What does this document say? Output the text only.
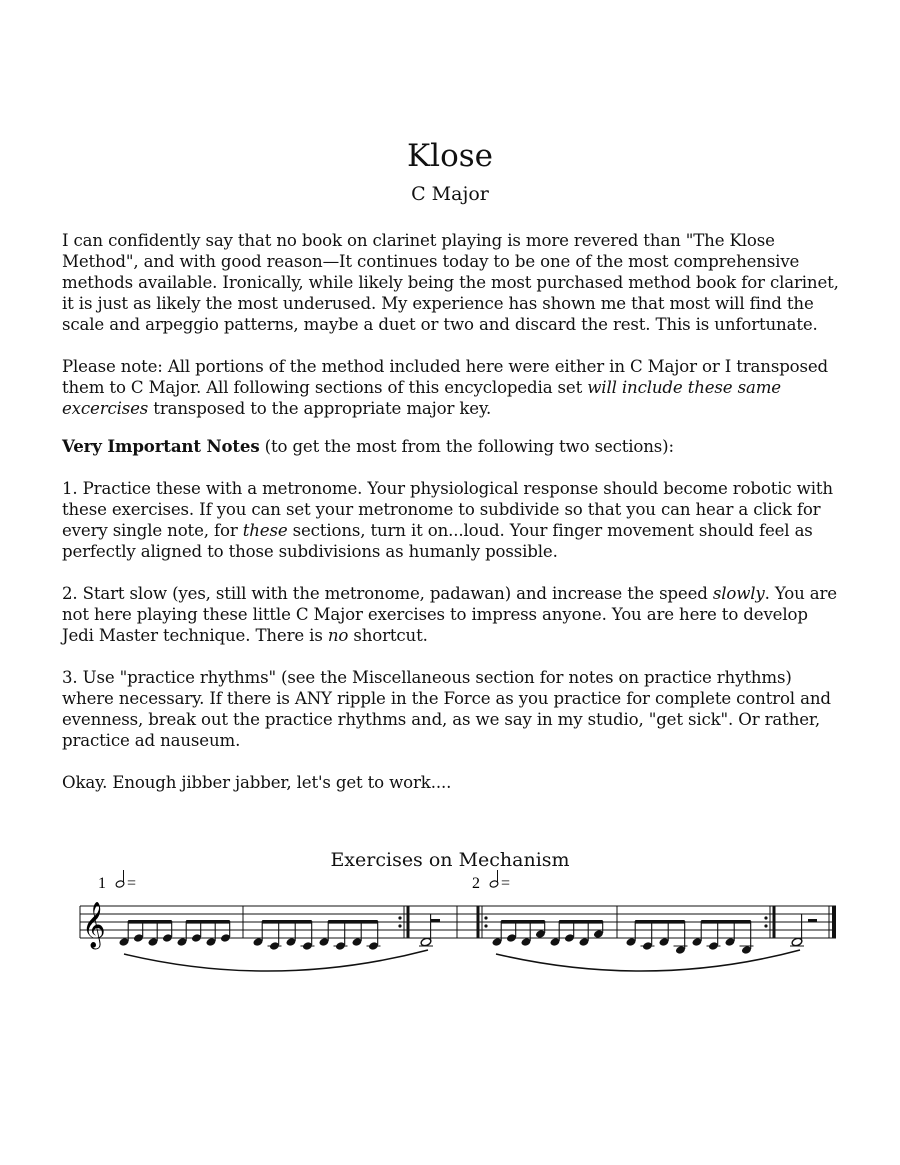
Klose
C Major

I can confidently say that no book on clarinet playing is more revered than "The Klose Method", and with good reason—It continues today to be one of the most comprehensive methods available. Ironically, while likely being the most purchased method book for clarinet, it is just as likely the most underused. My experience has shown me that most will find the scale and arpeggio patterns, maybe a duet or two and discard the rest. This is unfortunate.

Please note: All portions of the method included here were either in C Major or I transposed them to C Major. All following sections of this encyclopedia set will include these same excercises transposed to the appropriate major key.

Very Important Notes (to get the most from the following two sections):

1. Practice these with a metronome. Your physiological response should become robotic with these exercises. If you can set your metronome to subdivide so that you can hear a click for every single note, for these sections, turn it on...loud. Your finger movement should feel as perfectly aligned to those subdivisions as humanly possible.

2. Start slow (yes, still with the metronome, padawan) and increase the speed slowly. You are not here playing these little C Major exercises to impress anyone. You are here to develop Jedi Master technique. There is no shortcut.

3. Use "practice rhythms" (see the Miscellaneous section for notes on practice rhythms) where necessary. If there is ANY ripple in the Force as you practice for complete control and evenness, break out the practice rhythms and, as we say in my studio, "get sick". Or rather, practice ad nauseum.

Okay. Enough jibber jabber, let's get to work....

Exercises on Mechanism
1 =	2 =
𝄞
